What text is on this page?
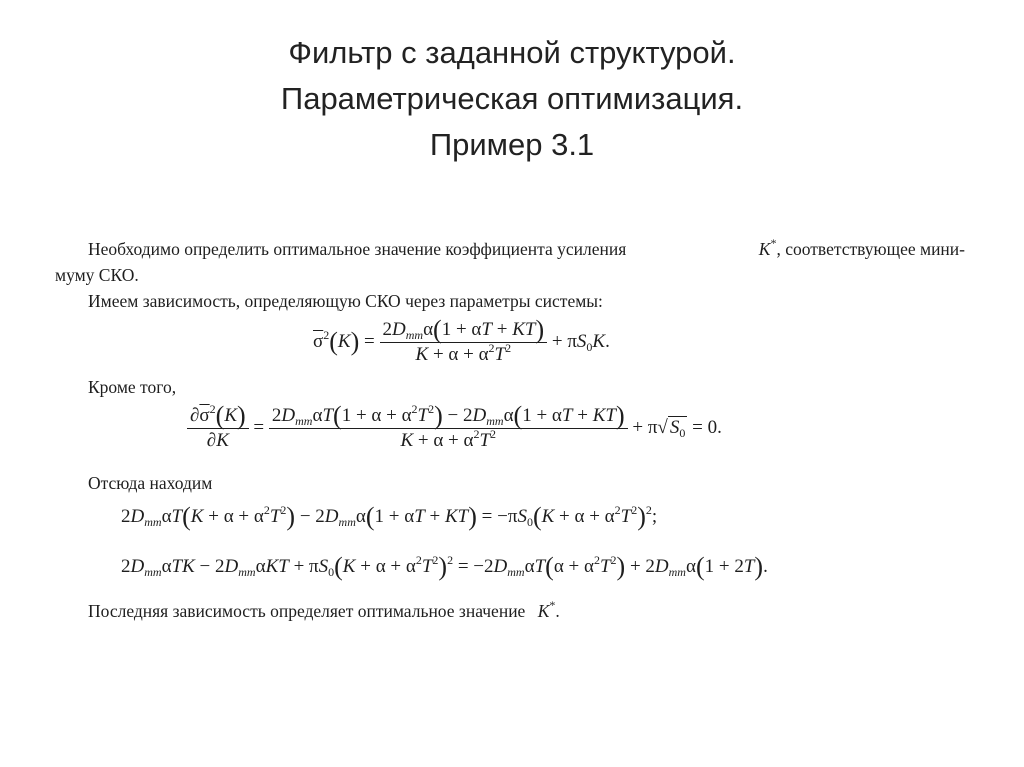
Фильтр с заданной структурой.
Параметрическая оптимизация.
Пример 3.1
Необходимо определить оптимальное значение коэффициента усиления	K*, соответствующее мини-
муму СКО.
Имеем зависимость, определяющую СКО через параметры системы:
$\overline{\sigma}^2(K) = \frac{2D_{mm}\alpha(1 + \alpha T + KT)}{K + \alpha + \alpha^2T^2} + \pi S_0K$.
Кроме того,
$\frac{\partial\overline{\sigma}^2(K)}{\partial K} = \frac{2D_{mm}\alpha T(1 + \alpha + \alpha^2T^2) - 2D_{mm}\alpha(1 + \alpha T + KT)}{K + \alpha + \alpha^2T^2} + \pi√$ $S_0 = 0$.
Отсюда находим
$2D_{mm}\alpha T(K + \alpha + \alpha^2T^2) - 2D_{mm}\alpha(1 + \alpha T + KT) = -\pi S_0(K + \alpha + \alpha^2T^2)^2$;
$2D_{mm}\alpha TK - 2D_{mm}\alpha KT + \pi S_0(K + \alpha + \alpha^2T^2)^2 = -2D_{mm}\alpha T(\alpha + \alpha^2T^2) + 2D_{mm}\alpha(1 + 2T)$.
Последняя зависимость определяет оптимальное значение K*.
